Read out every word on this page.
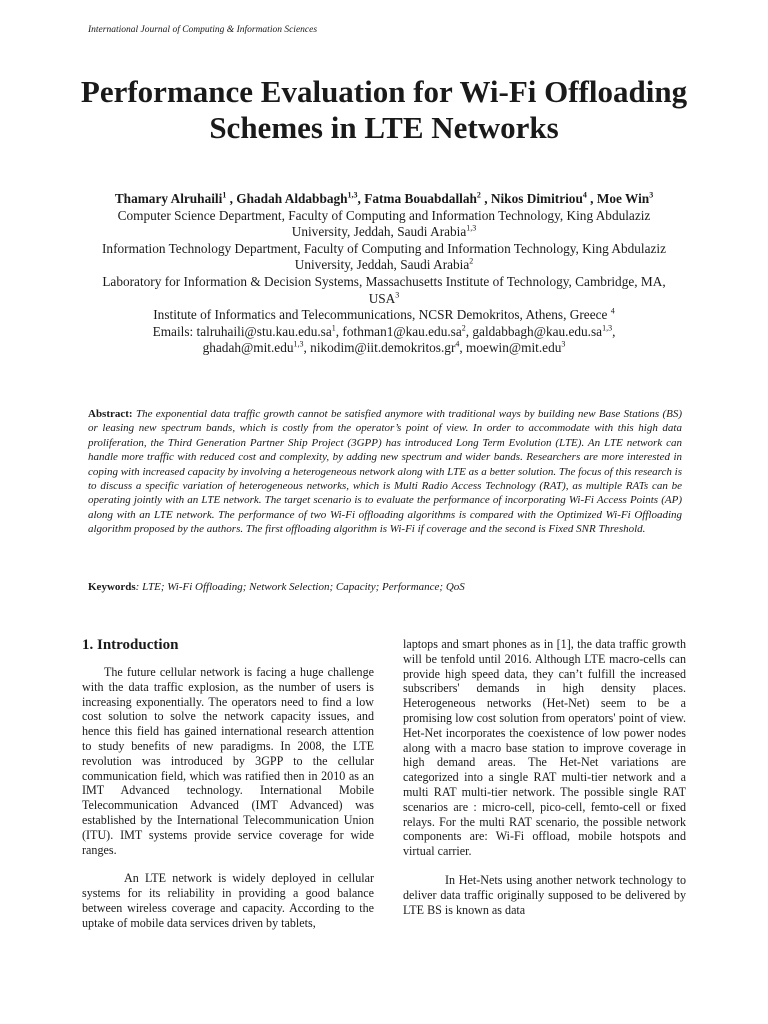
International Journal of Computing & Information Sciences
Performance Evaluation for Wi-Fi Offloading
Schemes in LTE Networks
Thamary Alruhaili$^1$ , Ghadah Aldabbagh$^{1,3}$, Fatma Bouabdallah$^2$ , Nikos Dimitriou$^4$ , Moe Win$^3$
Computer Science Department, Faculty of Computing and Information Technology, King Abdulaziz
University, Jeddah, Saudi Arabia$^{1,3}$
Information Technology Department, Faculty of Computing and Information Technology, King Abdulaziz
University, Jeddah, Saudi Arabia$^2$
Laboratory for Information & Decision Systems, Massachusetts Institute of Technology, Cambridge, MA,
USA$^3$
Institute of Informatics and Telecommunications, NCSR Demokritos, Athens, Greece $^4$
Emails: $talruhaili@stu.kau.edu.sa^1$, $fothman1@kau.edu.sa^2$, galdabbagh@kau.edu.sa$^{1,3}$,
ghadah@mit.edu$^{1,3}$, $nikodim@iit.demokritos.gr^4$, moewin@mit.edu$^3$
Abstract: The exponential data traffic growth cannot be satisfied anymore with traditional ways by building new Base Stations (BS) or leasing new spectrum bands, which is costly from the operator’s point of view. In order to accommodate with this high data proliferation, the Third Generation Partner Ship Project (3GPP) has introduced Long Term Evolution (LTE). An LTE network can handle more traffic with reduced cost and complexity, by adding new spectrum and wider bands. Researchers are more interested in coping with increased capacity by involving a heterogeneous network along with LTE as a better solution. The focus of this research is to discuss a specific variation of heterogeneous networks, which is Multi Radio Access Technology (RAT), as multiple RATs can be operating jointly with an LTE network. The target scenario is to evaluate the performance of incorporating Wi-Fi Access Points (AP) along with an LTE network. The performance of two Wi-Fi offloading algorithms is compared with the Optimized Wi-Fi Offloading algorithm proposed by the authors. The first offloading algorithm is Wi-Fi if coverage and the second is Fixed SNR Threshold.
Keywords: LTE; Wi-Fi Offloading; Network Selection; Capacity; Performance; QoS
1. Introduction

The future cellular network is facing a huge challenge with the data traffic explosion, as the number of users is increasing exponentially. The operators need to find a low cost solution to solve the network capacity issues, and hence this field has gained international research attention to study benefits of new paradigms. In 2008, the LTE revolution was introduced by 3GPP to the cellular communication field, which was ratified then in 2010 as an IMT Advanced technology. International Mobile Telecommunication Advanced (IMT Advanced) was established by the International Telecommunication Union (ITU). IMT systems provide service coverage for wide ranges.

An LTE network is widely deployed in cellular systems for its reliability in providing a good balance between wireless coverage and capacity. According to the uptake of mobile data services driven by tablets,

laptops and smart phones as in [1], the data traffic growth will be tenfold until 2016. Although LTE macro-cells can provide high speed data, they can’t fulfill the increased subscribers' demands in high density places. Heterogeneous networks (Het-Net) seem to be a promising low cost solution from operators' point of view. Het-Net incorporates the coexistence of low power nodes along with a macro base station to improve coverage in high demand areas. The Het-Net variations are categorized into a single RAT multi-tier network and a multi RAT multi-tier network. The possible single RAT scenarios are : micro-cell, pico-cell, femto-cell or fixed relays. For the multi RAT scenario, the possible network components are: Wi-Fi offload, mobile hotspots and virtual carrier.

In Het-Nets using another network technology to deliver data traffic originally supposed to be delivered by LTE BS is known as data
